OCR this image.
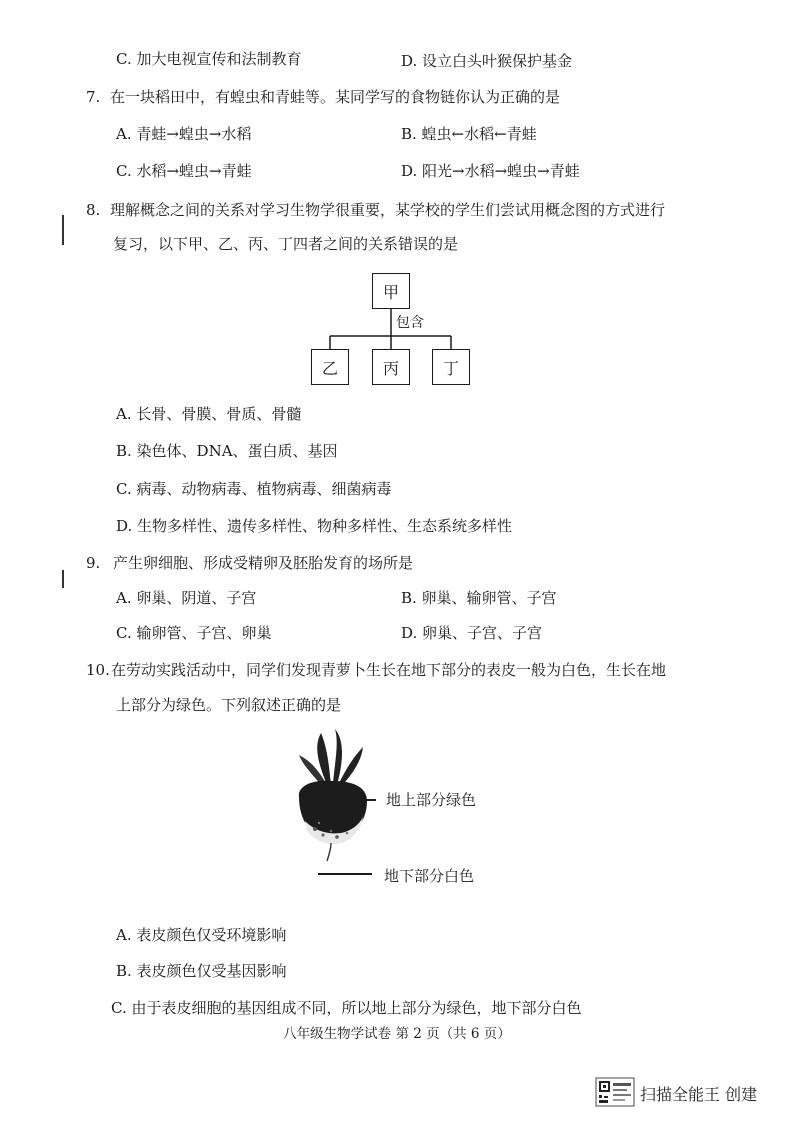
C. 加大电视宣传和法制教育	D. 设立白头叶猴保护基金
7. 在一块稻田中，有蝗虫和青蛙等。某同学写的食物链你认为正确的是
A. 青蛙→蝗虫→水稻	B. 蝗虫←水稻←青蛙
C. 水稻→蝗虫→青蛙	D. 阳光→水稻→蝗虫→青蛙
8. 理解概念之间的关系对学习生物学很重要，某学校的学生们尝试用概念图的方式进行
复习，以下甲、乙、丙、丁四者之间的关系错误的是
甲
包含
乙	丙	丁
A. 长骨、骨膜、骨质、骨髓
B. 染色体、DNA、蛋白质、基因
C. 病毒、动物病毒、植物病毒、细菌病毒
D. 生物多样性、遗传多样性、物种多样性、生态系统多样性
9. 产生卵细胞、形成受精卵及胚胎发育的场所是
A. 卵巢、阴道、子宫	B. 卵巢、输卵管、子宫
C. 输卵管、子宫、卵巢	D. 卵巢、子宫、子宫
10. 在劳动实践活动中，同学们发现青萝卜生长在地下部分的表皮一般为白色，生长在地
上部分为绿色。下列叙述正确的是
地上部分绿色
地下部分白色
A. 表皮颜色仅受环境影响
B. 表皮颜色仅受基因影响
C. 由于表皮细胞的基因组成不同，所以地上部分为绿色，地下部分白色
八年级生物学试卷 第 2 页（共 6 页）
扫描全能王 创建
